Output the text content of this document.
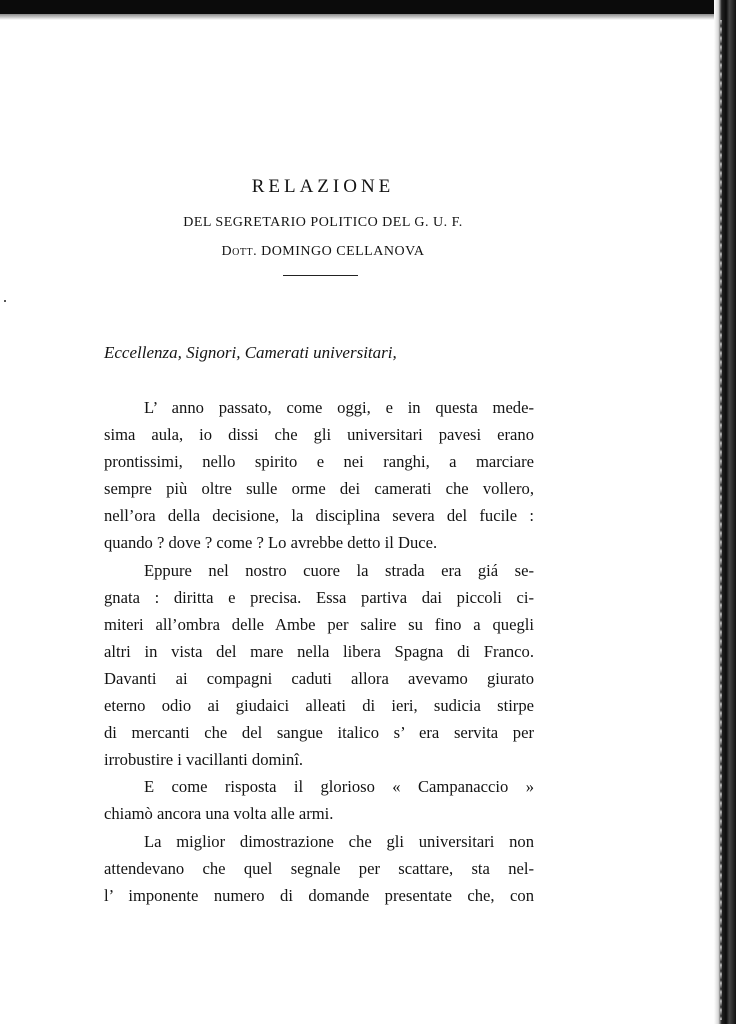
RELAZIONE
DEL SEGRETARIO POLITICO DEL G. U. F.
Dott. DOMINGO CELLANOVA

Eccellenza, Signori, Camerati universitari,

L’ anno passato, come oggi, e in questa mede-
sima aula, io dissi che gli universitari pavesi erano
prontissimi, nello spirito e nei ranghi, a marciare
sempre più oltre sulle orme dei camerati che vollero,
nell’ora della decisione, la disciplina severa del fucile :
quando ? dove ? come ? Lo avrebbe detto il Duce.
Eppure nel nostro cuore la strada era giá se-
gnata : diritta e precisa. Essa partiva dai piccoli ci-
miteri all’ombra delle Ambe per salire su fino a quegli
altri in vista del mare nella libera Spagna di Franco.
Davanti ai compagni caduti allora avevamo giurato
eterno odio ai giudaici alleati di ieri, sudicia stirpe
di mercanti che del sangue italico s’ era servita per
irrobustire i vacillanti dominî.
E come risposta il glorioso « Campanaccio »
chiamò ancora una volta alle armi.
La miglior dimostrazione che gli universitari non
attendevano che quel segnale per scattare, sta nel-
l’ imponente numero di domande presentate che, con
